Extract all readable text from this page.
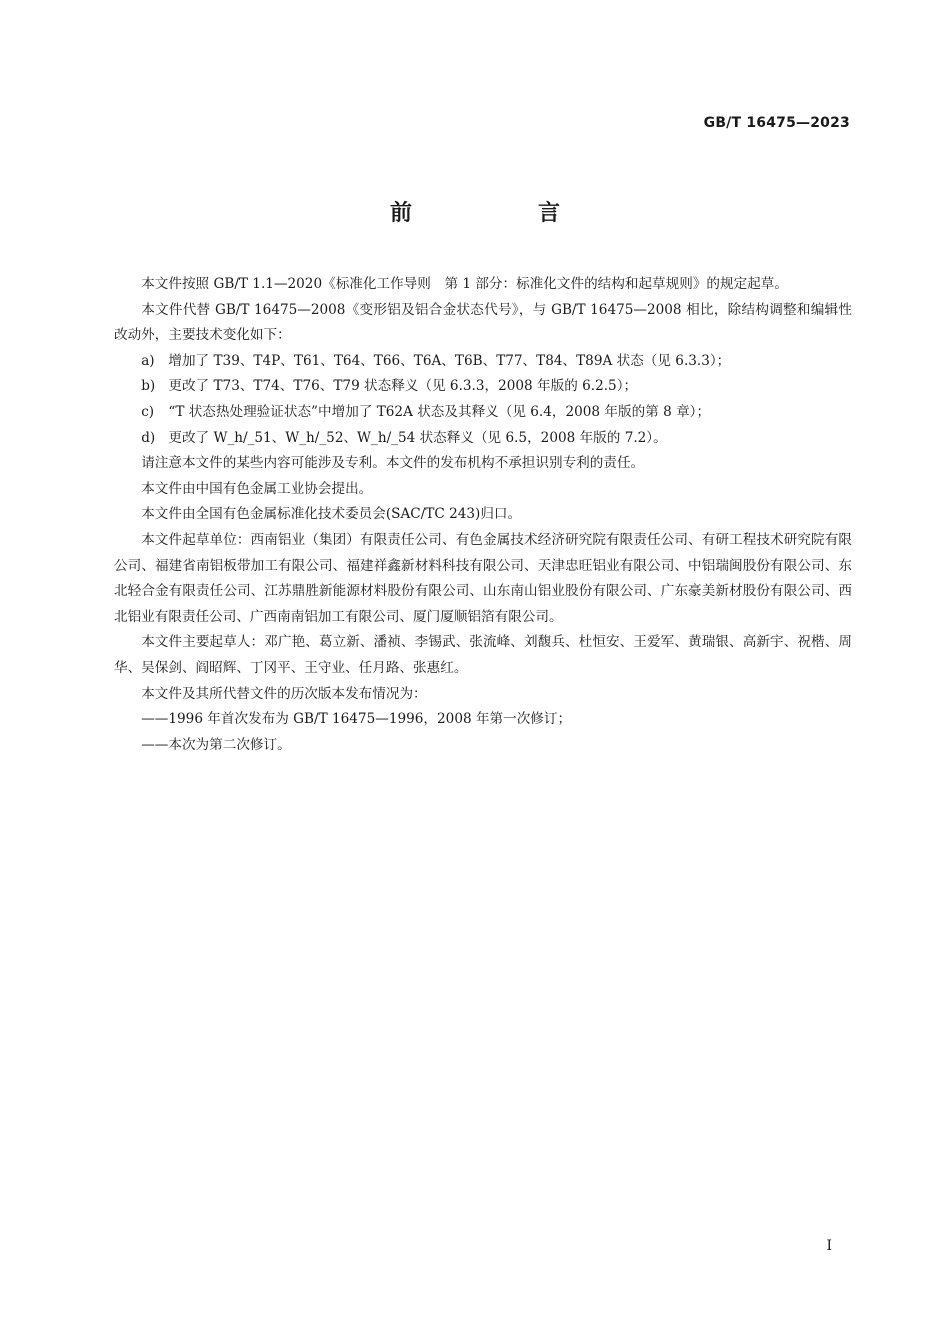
GB/T 16475—2023
前　言

本文件按照 GB/T 1.1—2020《标准化工作导则　第 1 部分：标准化文件的结构和起草规则》的规定起草。

本文件代替 GB/T 16475—2008《变形铝及铝合金状态代号》，与 GB/T 16475—2008 相比，除结构调整和编辑性改动外，主要技术变化如下：

a) 增加了 T39、T4P、T61、T64、T66、T6A、T6B、T77、T84、T89A 状态（见 6.3.3）；

b) 更改了 T73、T74、T76、T79 状态释义（见 6.3.3，2008 年版的 6.2.5）；

c) “T 状态热处理验证状态”中增加了 T62A 状态及其释义（见 6.4，2008 年版的第 8 章）；

d) 更改了 W_h/_51、W_h/_52、W_h/_54 状态释义（见 6.5，2008 年版的 7.2）。

请注意本文件的某些内容可能涉及专利。本文件的发布机构不承担识别专利的责任。

本文件由中国有色金属工业协会提出。

本文件由全国有色金属标准化技术委员会(SAC/TC 243)归口。

本文件起草单位：西南铝业（集团）有限责任公司、有色金属技术经济研究院有限责任公司、有研工程技术研究院有限公司、福建省南铝板带加工有限公司、福建祥鑫新材料科技有限公司、天津忠旺铝业有限公司、中铝瑞闽股份有限公司、东北轻合金有限责任公司、江苏鼎胜新能源材料股份有限公司、山东南山铝业股份有限公司、广东豪美新材股份有限公司、西北铝业有限责任公司、广西南南铝加工有限公司、厦门厦顺铝箔有限公司。

本文件主要起草人：邓广艳、葛立新、潘祯、李锡武、张流峰、刘馥兵、杜恒安、王爱军、黄瑞银、高新宇、祝楷、周华、吴保剑、阎昭辉、丁冈平、王守业、任月路、张惠红。

本文件及其所代替文件的历次版本发布情况为：

——1996 年首次发布为 GB/T 16475—1996，2008 年第一次修订；

——本次为第二次修订。

I
